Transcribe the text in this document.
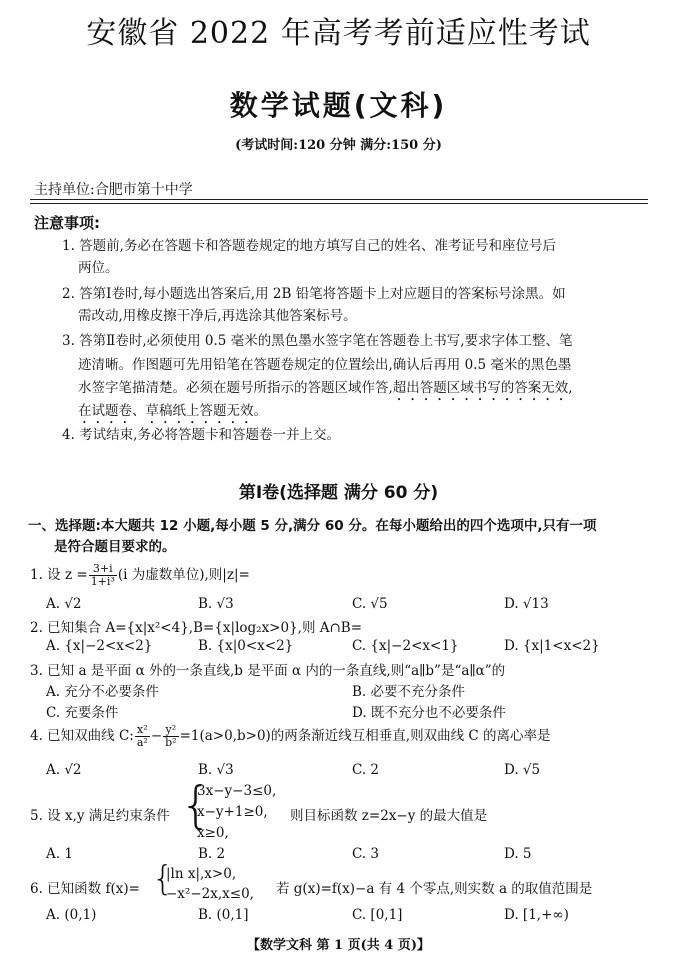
安徽省 2022 年高考考前适应性考试
数学试题(文科)
(考试时间:120 分钟 满分:150 分)
主持单位:合肥市第十中学
注意事项:
1. 答题前,务必在答题卡和答题卷规定的地方填写自己的姓名、准考证号和座位号后
两位。
2. 答第Ⅰ卷时,每小题选出答案后,用 2B 铅笔将答题卡上对应题目的答案标号涂黑。如
需改动,用橡皮擦干净后,再选涂其他答案标号。
3. 答第Ⅱ卷时,必须使用 0.5 毫米的黑色墨水签字笔在答题卷上书写,要求字体工整、笔
迹清晰。作图题可先用铅笔在答题卷规定的位置绘出,确认后再用 0.5 毫米的黑色墨
水签字笔描清楚。必须在题号所指示的答题区域作答,超出答题区域书写的答案无效,
在试题卷、草稿纸上答题无效。
4. 考试结束,务必将答题卡和答题卷一并上交。
第Ⅰ卷(选择题 满分 60 分)
一、选择题:本大题共 12 小题,每小题 5 分,满分 60 分。在每小题给出的四个选项中,只有一项
是符合题目要求的。
1. 设 $z = \frac{3+i}{\text{1+i³}} (i$ 为虚数单位),则|z|=
A. √2	B. √3	C. √5	D. √13
2. 已知集合 A={x|x²<4},B={x|log₂x>0},则 A∩B=
A. {x|−2<x<2}	B. {x|0<x<2}	C. {x|−2<x<1}	D. {x|1<x<2}
3. 已知 a 是平面 α 外的一条直线,b 是平面 α 内的一条直线,则“a∥b”是“a∥α”的
A. 充分不必要条件	B. 必要不充分条件
C. 充要条件	D. 既不充分也不必要条件
4. 已知双曲线 C: $\frac{\text{x²}}{\text{a²}} - \frac{\text{y²}}{\text{b²}} =1(a>0,b>0)$的两条渐近线互相垂直,则双曲线 C 的离心率是
A. √2	B. √3	C. 2	D. √5
5. 设 x,y 满足约束条件 {
3x−y−3≤0,
x−y+1≥0,
x≥0,
则目标函数 z=2x−y 的最大值是
A. 1	B. 2	C. 3	D. 5
6. 已知函数 f(x)= {
|ln x|,x>0,
−x²−2x,x≤0, 若 g(x)=f(x)−a 有 4 个零点,则实数 a 的取值范围是
A. (0,1)	B. (0,1]	C. [0,1]	D. [1,+∞)
【数学文科 第 1 页(共 4 页)】
